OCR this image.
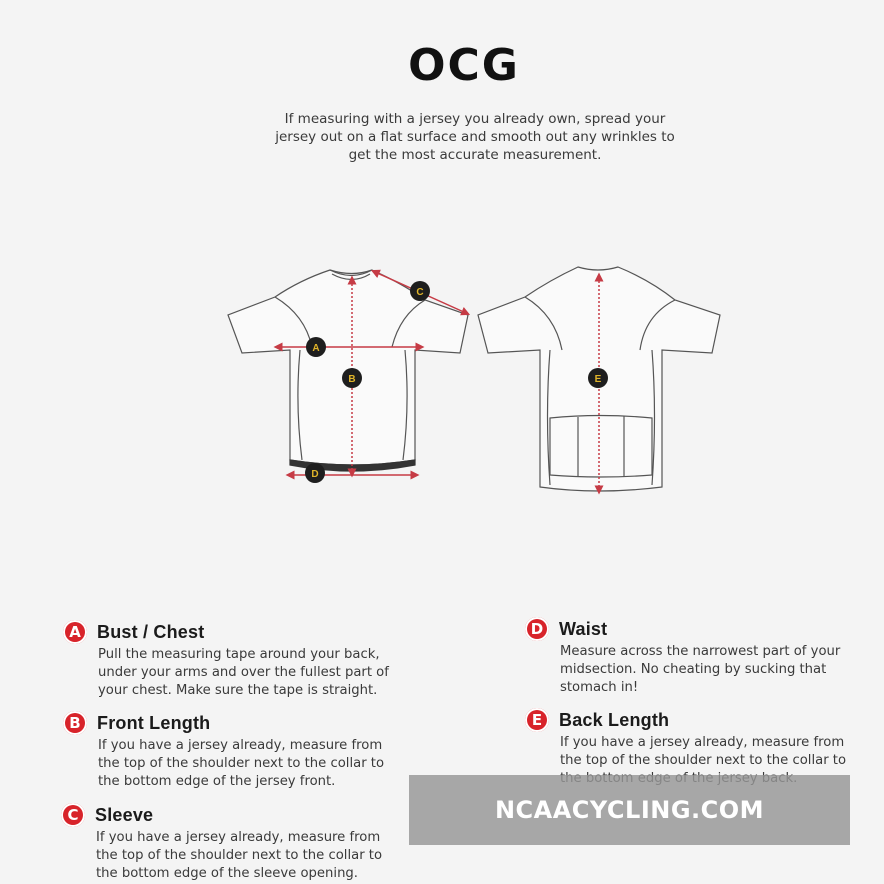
OCG
If measuring with a jersey you already own, spread your
jersey out on a flat surface and smooth out any wrinkles to
get the most accurate measurement.
A
B
C
D
E
A Bust / Chest
Pull the measuring tape around your back,
under your arms and over the fullest part of
your chest. Make sure the tape is straight.
B Front Length
If you have a jersey already, measure from
the top of the shoulder next to the collar to
the bottom edge of the jersey front.
C Sleeve
If you have a jersey already, measure from
the top of the shoulder next to the collar to
the bottom edge of the sleeve opening.
D Waist
Measure across the narrowest part of your
midsection. No cheating by sucking that
stomach in!
E Back Length
If you have a jersey already, measure from
the top of the shoulder next to the collar to
NCAACYCLING.COM
